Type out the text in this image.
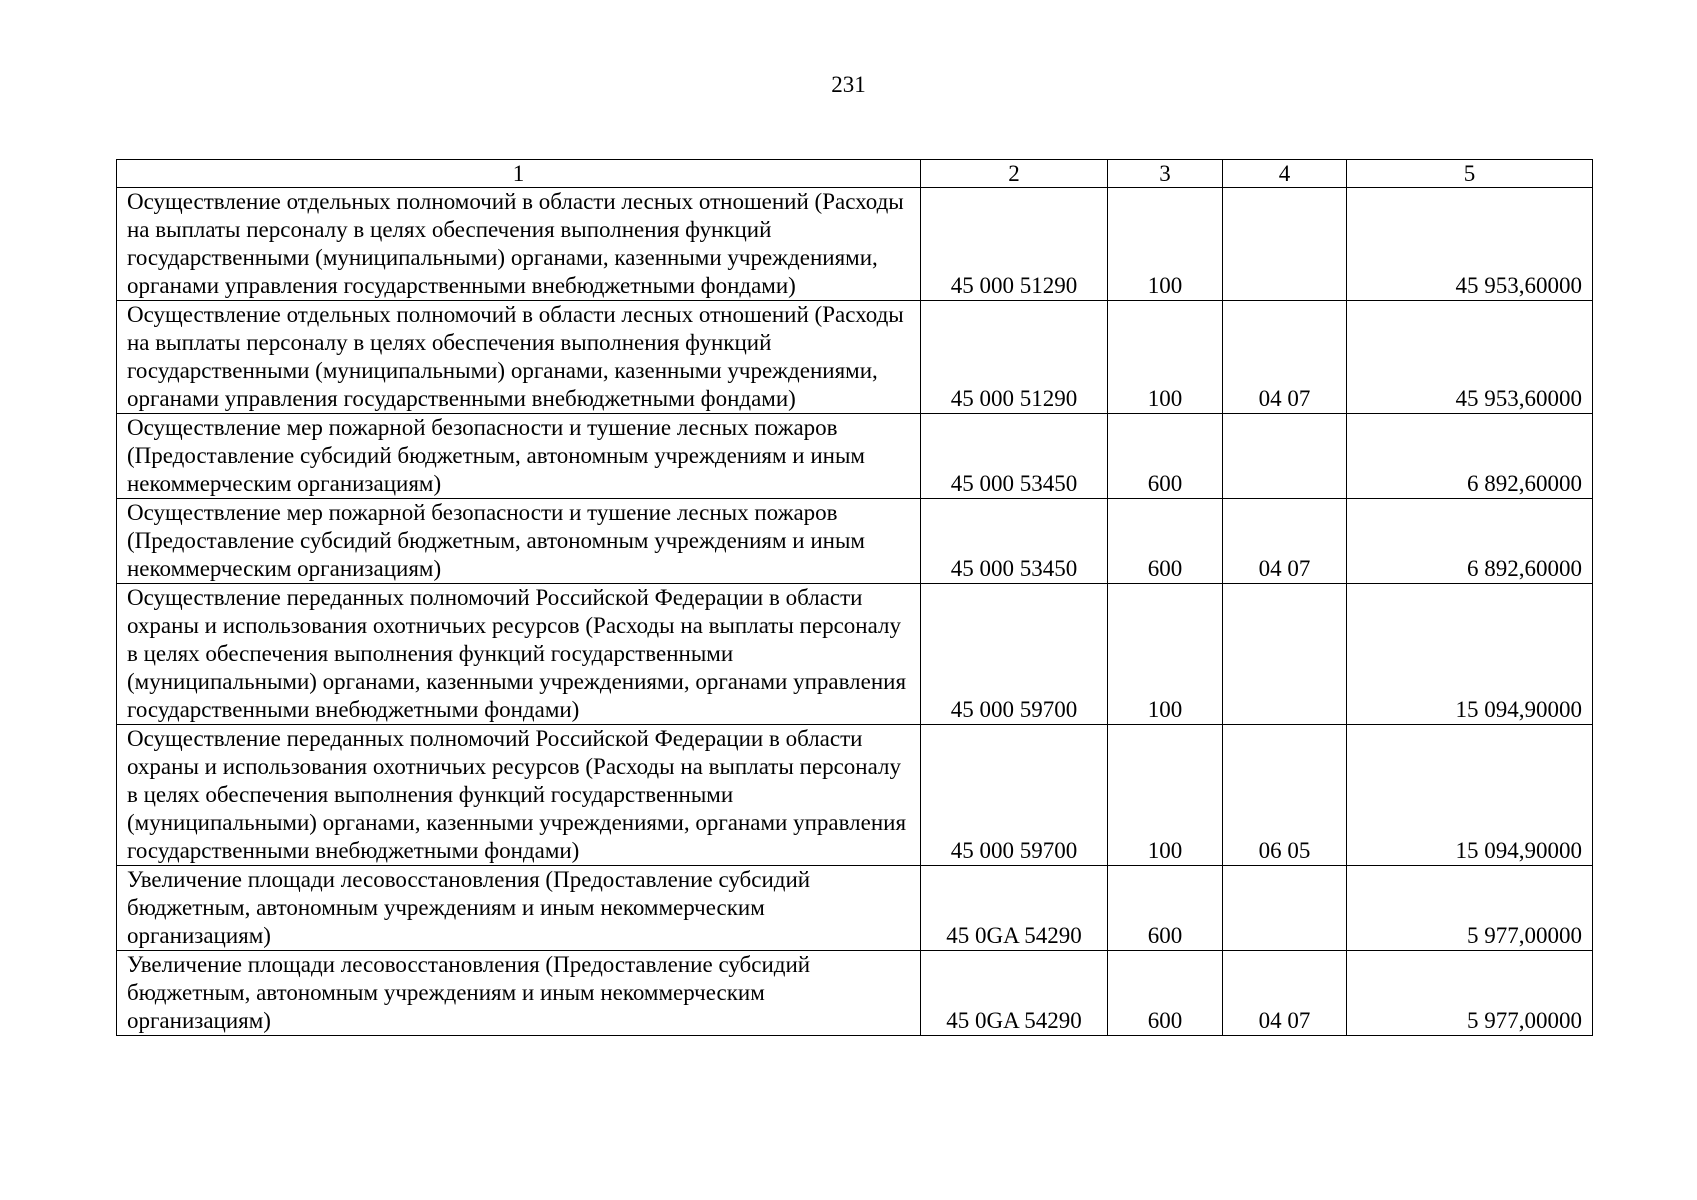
231
1	2	3	4	5
Осуществление отдельных полномочий в области лесных отношений (Расходы на выплаты персоналу в целях обеспечения выполнения функций государственными (муниципальными) органами, казенными учреждениями, органами управления государственными внебюджетными фондами)	45 000 51290	100		45 953,60000
Осуществление отдельных полномочий в области лесных отношений (Расходы на выплаты персоналу в целях обеспечения выполнения функций государственными (муниципальными) органами, казенными учреждениями, органами управления государственными внебюджетными фондами)	45 000 51290	100	04 07	45 953,60000
Осуществление мер пожарной безопасности и тушение лесных пожаров (Предоставление субсидий бюджетным, автономным учреждениям и иным некоммерческим организациям)	45 000 53450	600		6 892,60000
Осуществление мер пожарной безопасности и тушение лесных пожаров (Предоставление субсидий бюджетным, автономным учреждениям и иным некоммерческим организациям)	45 000 53450	600	04 07	6 892,60000
Осуществление переданных полномочий Российской Федерации в области охраны и использования охотничьих ресурсов (Расходы на выплаты персоналу в целях обеспечения выполнения функций государственными (муниципальными) органами, казенными учреждениями, органами управления государственными внебюджетными фондами)	45 000 59700	100		15 094,90000
Осуществление переданных полномочий Российской Федерации в области охраны и использования охотничьих ресурсов (Расходы на выплаты персоналу в целях обеспечения выполнения функций государственными (муниципальными) органами, казенными учреждениями, органами управления государственными внебюджетными фондами)	45 000 59700	100	06 05	15 094,90000
Увеличение площади лесовосстановления (Предоставление субсидий бюджетным, автономным учреждениям и иным некоммерческим организациям)	45 0GA 54290	600		5 977,00000
Увеличение площади лесовосстановления (Предоставление субсидий бюджетным, автономным учреждениям и иным некоммерческим организациям)	45 0GA 54290	600	04 07	5 977,00000
